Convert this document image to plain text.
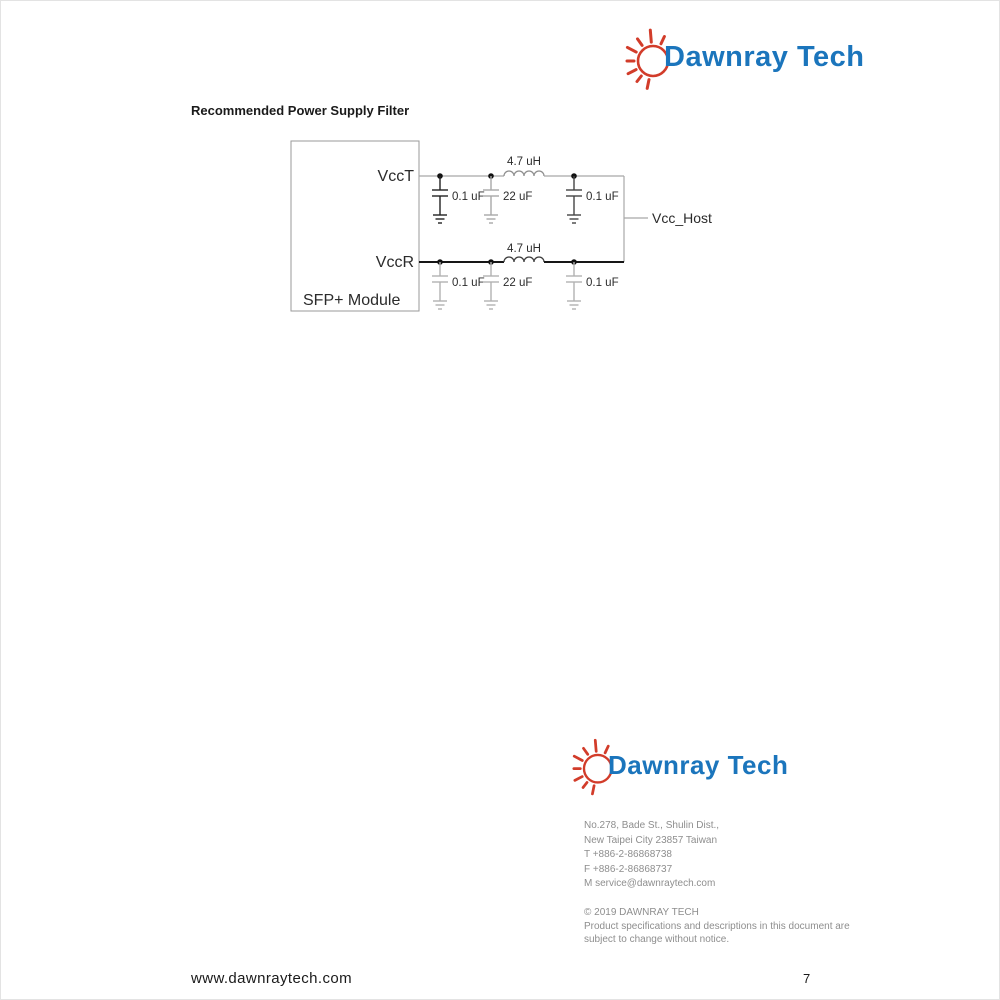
Dawnray Tech
Recommended Power Supply Filter
VccT
VccR
SFP+ Module
4.7 uH
0.1 uF 22 uF	0.1 uF
Vcc_Host
4.7 uH
0.1 uF 22 uF	0.1 uF
Dawnray Tech
No.278, Bade St., Shulin Dist.,
New Taipei City 23857 Taiwan
T +886-2-86868738
F +886-2-86868737
M service@dawnraytech.com
© 2019 DAWNRAY TECH
Product specifications and descriptions in this document are
subject to change without notice.
www.dawnraytech.com	7
